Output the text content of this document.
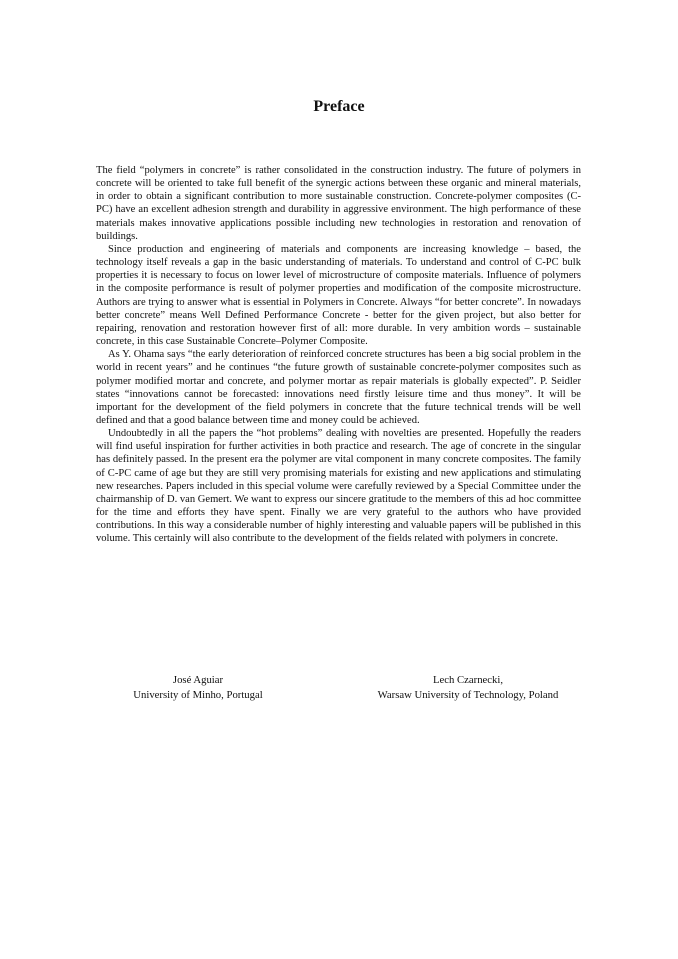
Preface

The field “polymers in concrete” is rather consolidated in the construction industry. The future of polymers in concrete will be oriented to take full benefit of the synergic actions between these organic and mineral materials, in order to obtain a significant contribution to more sustainable construction. Concrete-polymer composites (C-PC) have an excellent adhesion strength and durability in aggressive environment. The high performance of these materials makes innovative applications possible including new technologies in restoration and renovation of buildings.

Since production and engineering of materials and components are increasing knowledge – based, the technology itself reveals a gap in the basic understanding of materials. To understand and control of C-PC bulk properties it is necessary to focus on lower level of microstructure of composite materials. Influence of polymers in the composite performance is result of polymer properties and modification of the composite microstructure. Authors are trying to answer what is essential in Polymers in Concrete. Always “for better concrete”. In nowadays better concrete” means Well Defined Performance Concrete - better for the given project, but also better for repairing, renovation and restoration however first of all: more durable. In very ambition words – sustainable concrete, in this case Sustainable Concrete–Polymer Composite.

As Y. Ohama says “the early deterioration of reinforced concrete structures has been a big social problem in the world in recent years” and he continues “the future growth of sustainable concrete-polymer composites such as polymer modified mortar and concrete, and polymer mortar as repair materials is globally expected”. P. Seidler states “innovations cannot be forecasted: innovations need firstly leisure time and thus money”. It will be important for the development of the field polymers in concrete that the future technical trends will be well defined and that a good balance between time and money could be achieved.

Undoubtedly in all the papers the “hot problems” dealing with novelties are presented. Hopefully the readers will find useful inspiration for further activities in both practice and research. The age of concrete in the singular has definitely passed. In the present era the polymer are vital component in many concrete composites. The family of C-PC came of age but they are still very promising materials for existing and new applications and stimulating new researches. Papers included in this special volume were carefully reviewed by a Special Committee under the chairmanship of D. van Gemert. We want to express our sincere gratitude to the members of this ad hoc committee for the time and efforts they have spent. Finally we are very grateful to the authors who have provided contributions. In this way a considerable number of highly interesting and valuable papers will be published in this volume. This certainly will also contribute to the development of the fields related with polymers in concrete.

José Aguiar
University of Minho, Portugal
Lech Czarnecki,
Warsaw University of Technology, Poland
